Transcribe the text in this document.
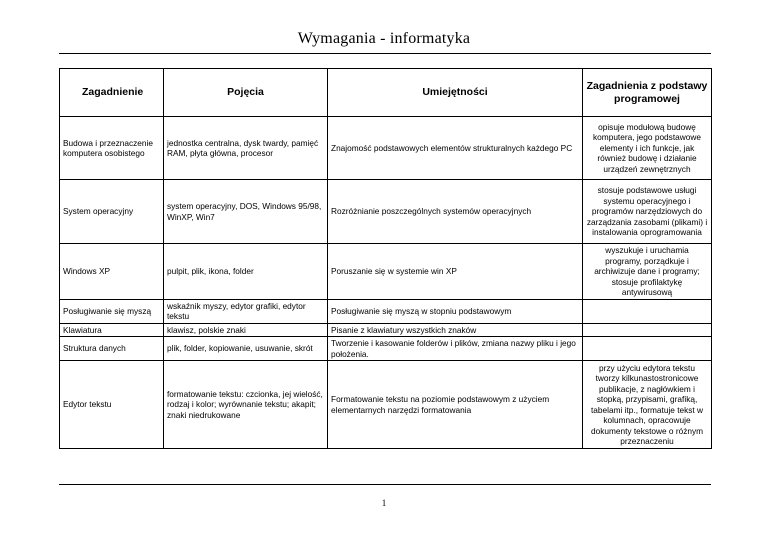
Wymagania - informatyka
Zagadnienie	Pojęcia	Umiejętności	Zagadnienia z podstawy programowej
Budowa i przeznaczenie komputera osobistego	jednostka centralna, dysk twardy, pamięć RAM, płyta główna, procesor	Znajomość podstawowych elementów strukturalnych każdego PC	opisuje modułową budowę komputera, jego podstawowe elementy i ich funkcje, jak również budowę i działanie urządzeń zewnętrznych
System operacyjny	system operacyjny, DOS, Windows 95/98, WinXP, Win7	Rozróżnianie poszczególnych systemów operacyjnych	stosuje podstawowe usługi systemu operacyjnego i programów narzędziowych do zarządzania zasobami (plikami) i instalowania oprogramowania
Windows XP	pulpit, plik, ikona, folder	Poruszanie się w systemie win XP	wyszukuje i uruchamia programy, porządkuje i archiwizuje dane i programy; stosuje profilaktykę antywirusową
Posługiwanie się myszą	wskaźnik myszy, edytor grafiki, edytor tekstu	Posługiwanie się myszą w stopniu podstawowym	
Klawiatura	klawisz, polskie znaki	Pisanie z klawiatury wszystkich znaków	
Struktura danych	plik, folder, kopiowanie, usuwanie, skrót	Tworzenie i kasowanie folderów i plików, zmiana nazwy pliku i jego położenia.	
Edytor tekstu	formatowanie tekstu: czcionka, jej wielość, rodzaj i kolor; wyrównanie tekstu; akapit; znaki niedrukowane	Formatowanie tekstu na poziomie podstawowym z użyciem elementarnych narzędzi formatowania	przy użyciu edytora tekstu tworzy kilkunastostronicowe publikacje, z nagłówkiem i stopką, przypisami, grafiką, tabelami itp., formatuje tekst w kolumnach, opracowuje dokumenty tekstowe o różnym przeznaczeniu
1
